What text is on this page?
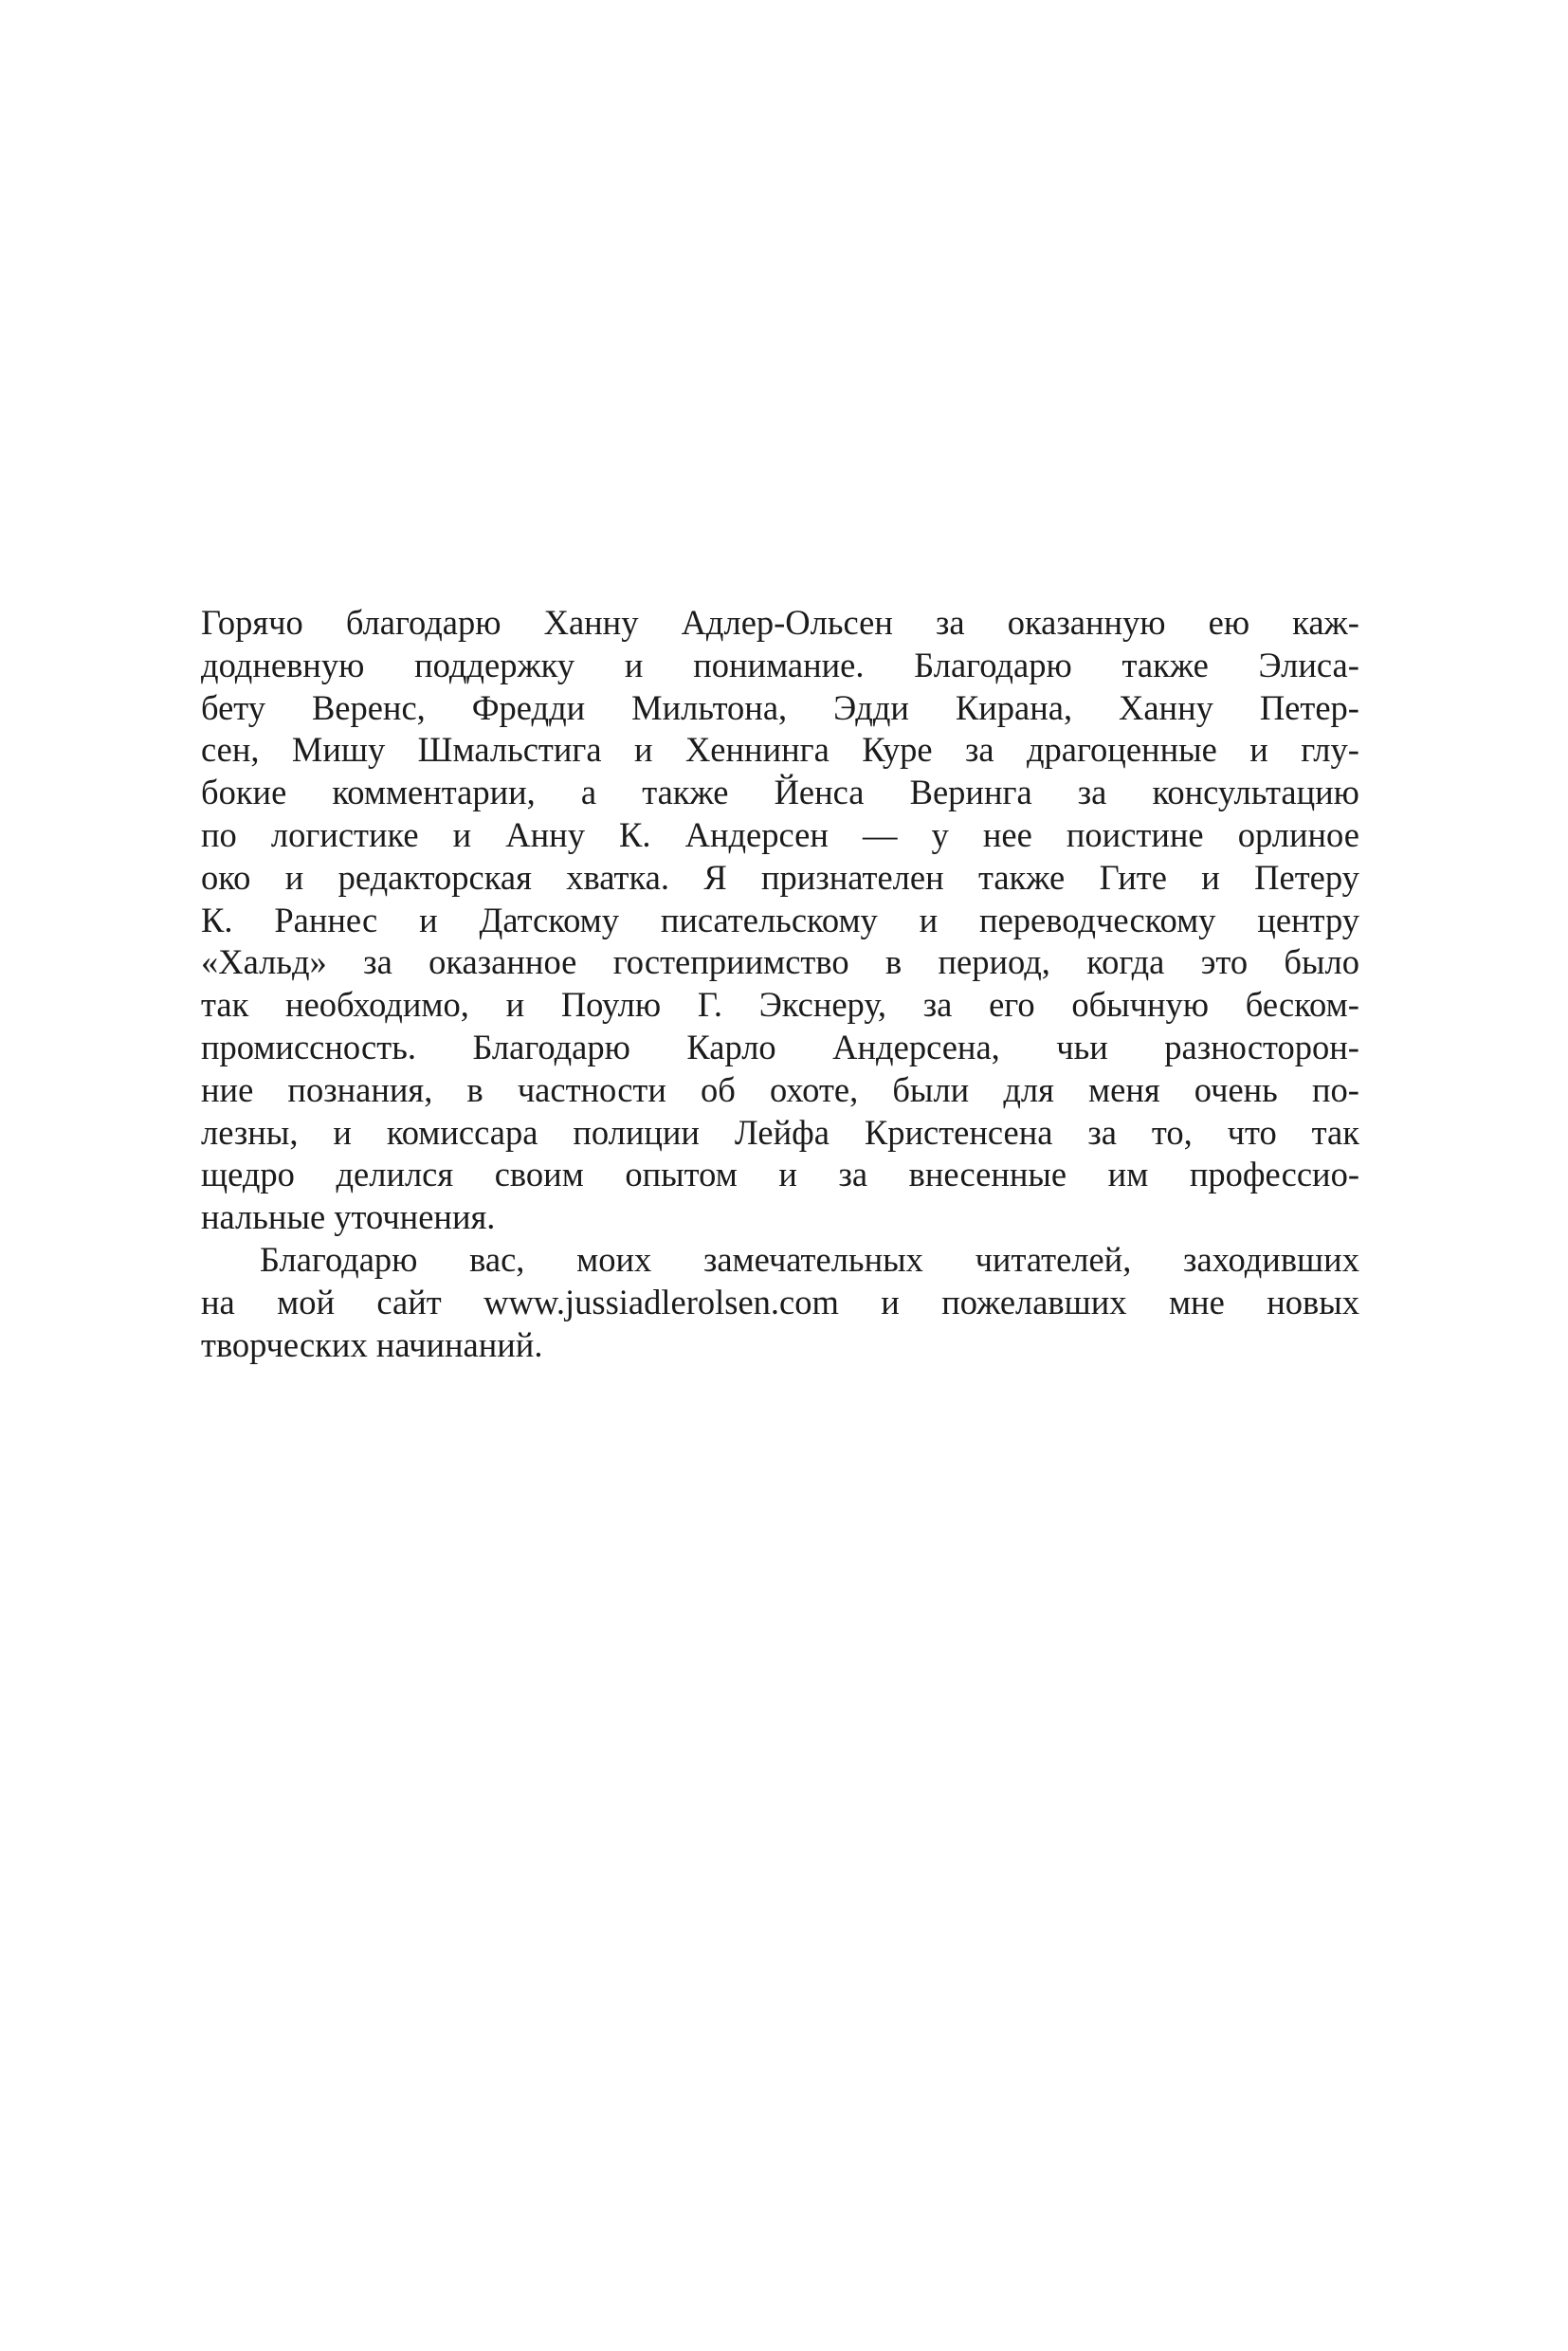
Горячо благодарю Ханну Адлер-Ольсен за оказанную ею каж-
додневную поддержку и понимание. Благодарю также Элиса-
бету Веренс, Фредди Мильтона, Эдди Кирана, Ханну Петер-
сен, Мишу Шмальстига и Хеннинга Куре за драгоценные и глу-
бокие комментарии, а также Йенса Веринга за консультацию
по логистике и Анну К. Андерсен — у нее поистине орлиное
око и редакторская хватка. Я признателен также Гите и Петеру
К. Раннес и Датскому писательскому и переводческому центру
«Хальд» за оказанное гостеприимство в период, когда это было
так необходимо, и Поулю Г. Экснеру, за его обычную беском-
промиссность. Благодарю Карло Андерсена, чьи разносторон-
ние познания, в частности об охоте, были для меня очень по-
лезны, и комиссара полиции Лейфа Кристенсена за то, что так
щедро делился своим опытом и за внесенные им профессио-
нальные уточнения.
Благодарю вас, моих замечательных читателей, заходивших
на мой сайт www.jussiadlerolsen.com и пожелавших мне новых
творческих начинаний.
